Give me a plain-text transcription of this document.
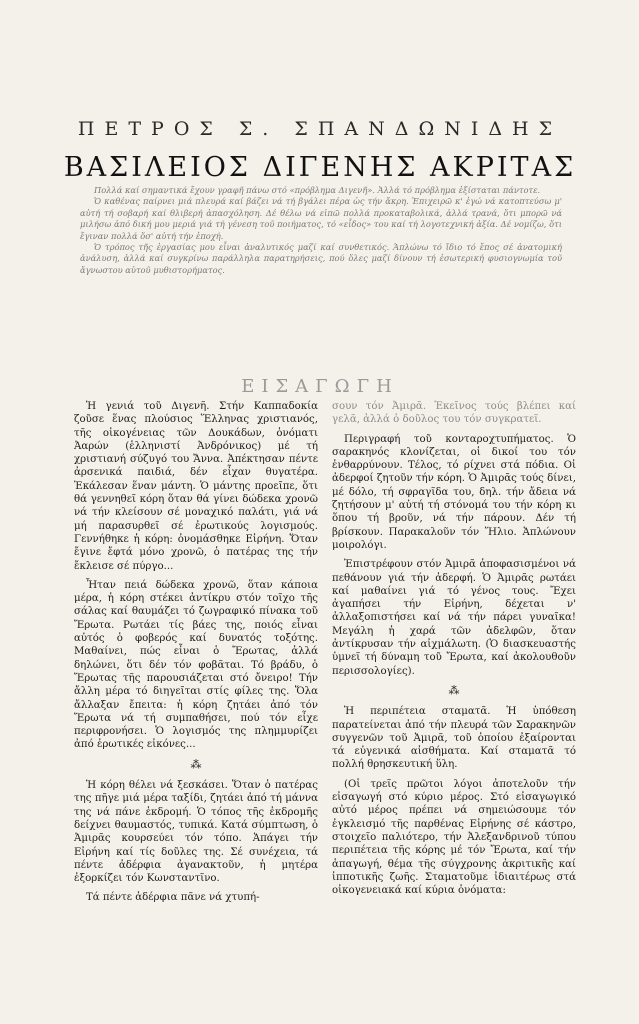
ΠΕΤΡΟΣ Σ. ΣΠΑΝΔΩΝΙΔΗΣ
ΒΑΣΙΛΕΙΟΣ ΔΙΓΕΝΗΣ ΑΚΡΙΤΑΣ

Πολλά καί σημαντικά ἔχουν γραφῆ πάνω στό «πρόβλημα Διγενῆ». Ἀλλά τό πρόβλημα ἐξίσταται πάντοτε.

Ὁ καθένας παίρνει μιά πλευρά καί βάζει νά τή βγάλει πέρα ὡς τήν ἄκρη. Ἐπιχειρῶ κ' ἐγώ νά κατοπτεύσω μ' αὐτή τή σοβαρή καί θλιβερή ἀπασχόληση. Δέ θέλω νά εἰπῶ πολλά προκαταβολικά, ἀλλά τρανά, ὅτι μπορῶ νά μιλήσω ἀπό δική μου μεριά γιά τή γένεση τοῦ ποιήματος, τό «εἶδος» του καί τή λογοτεχνική ἀξία. Δέ νομίζω, ὅτι ἔγιναν πολλά ὅσ' αὐτή τήν ἐποχή.

Ὁ τρόπος τῆς ἐργασίας μου εἶναι ἀναλυτικός μαζί καί συνθετικός. Ἁπλώνω τό ἴδιο τό ἔπος σέ ἀνατομική ἀνάλυση, ἀλλά καί συγκρίνω παράλληλα παρατηρήσεις, πού ὅλες μαζί δίνουν τή ἐσωτερική φυσιογνωμία τοῦ ἄγνωστου αὐτοῦ μυθιστορήματος.

ΕΙΣΑΓΩΓΗ

Ἡ γενιά τοῦ Διγενῆ. Στήν Καππαδοκία ζοῦσε ἕνας πλούσιος Ἕλληνας χριστιανός, τῆς οἰκογένειας τῶν Δουκάδων, ὀνόματι Ἀαρών (ἑλληνιστί Ἀνδρόνικος) μέ τή χριστιανή σύζυγό του Ἄννα. Ἀπέκτησαν πέντε ἀρσενικά παιδιά, δέν εἶχαν θυγατέρα. Ἐκάλεσαν ἕναν μάντη. Ὁ μάντης προεῖπε, ὅτι θά γεννηθεῖ κόρη ὅταν θά γίνει δώδεκα χρονῶ νά τήν κλείσουν σέ μοναχικό παλάτι, γιά νά μή παρασυρθεῖ σέ ἐρωτικούς λογισμούς. Γεννήθηκε ἡ κόρη: ὀνομάσθηκε Εἰρήνη. Ὅταν ἔγινε ἔφτά μόνο χρονῶ, ὁ πατέρας της τήν ἔκλεισε σέ πύργο...

Ἦταν πειά δώδεκα χρονῶ, ὅταν κάποια μέρα, ἡ κόρη στέκει ἀντίκρυ στόν τοῖχο τῆς σάλας καί θαυμάζει τό ζωγραφικό πίνακα τοῦ Ἔρωτα. Ρωτάει τίς βάες της, ποιός εἶναι αὐτός ὁ φοβερός καί δυνατός τοξότης. Μαθαίνει, πώς εἶναι ὁ Ἔρωτας, ἀλλά δηλώνει, ὅτι δέν τόν φοβᾶται. Τό βράδυ, ὁ Ἔρωτας τῆς παρουσιάζεται στό ὄνειρο! Τήν ἄλλη μέρα τό διηγεῖται στίς φίλες της. Ὅλα ἄλλαξαν ἔπειτα: ἡ κόρη ζητάει ἀπό τόν Ἔρωτα νά τή συμπαθήσει, πού τόν εἶχε περιφρονήσει. Ὁ λογισμός της πλημμυρίζει ἀπό ἐρωτικές εἰκόνες...

⁂

Ἡ κόρη θέλει νά ξεσκάσει. Ὅταν ὁ πατέρας της πῆγε μιά μέρα ταξίδι, ζητάει ἀπό τή μάννα της νά πάνε ἐκδρομή. Ὁ τόπος τῆς ἐκδρομῆς δείχνει θαυμαστός, τυπικά. Κατά σύμπτωση, ὁ Ἀμιρᾶς κουρσεύει τόν τόπο. Ἁπάγει τήν Εἰρήνη καί τίς δοῦλες της. Σέ συνέχεια, τά πέντε ἀδέρφια ἀγανακτοῦν, ἡ μητέρα ἐξορκίζει τόν Κωνσταντῖνο.

Τά πέντε ἀδέρφια πᾶνε νά χτυπή-

σουν τόν Ἀμιρᾶ. Ἐκεῖνος τούς βλέπει καί γελᾶ, ἀλλά ὁ δοῦλος του τόν συγκρατεῖ.

Περιγραφή τοῦ κονταροχτυπήματος. Ὁ σαρακηνός κλονίζεται, οἱ δικοί του τόν ἐνθαρρύνουν. Τέλος, τό ρίχνει στά πόδια. Οἱ ἀδερφοί ζητοῦν τήν κόρη. Ὁ Ἀμιρᾶς τούς δίνει, μέ δόλο, τή σφραγῖδα του, δηλ. τήν ἄδεια νά ζητήσουν μ' αὐτή τή στόνομά του τήν κόρη κι ὅπου τή βροῦν, νά τήν πάρουν. Δέν τή βρίσκουν. Παρακαλοῦν τόν Ἥλιο. Ἁπλώνουν μοιρολόγι.

Ἐπιστρέφουν στόν Ἀμιρᾶ ἀποφασισμένοι νά πεθάνουν γιά τήν ἀδερφή. Ὁ Ἀμιρᾶς ρωτάει καί μαθαίνει γιά τό γένος τους. Ἔχει ἀγαπήσει τήν Εἰρήνη, δέχεται ν' ἀλλαξοπιστήσει καί νά τήν πάρει γυναῖκα! Μεγάλη ἡ χαρά τῶν ἀδελφῶν, ὅταν ἀντίκρυσαν τήν αἰχμάλωτη. (Ὁ διασκευαστής ὑμνεῖ τή δύναμη τοῦ Ἔρωτα, καί ἀκολουθοῦν περισσολογίες).

⁂

Ἡ περιπέτεια σταματᾶ. Ἡ ὑπόθεση παρατείνεται ἀπό τήν πλευρά τῶν Σαρακηνῶν συγγενῶν τοῦ Ἀμιρᾶ, τοῦ ὁποίου ἐξαίρονται τά εὐγενικά αἰσθήματα. Καί σταματᾶ τό πολλή θρησκευτική ὕλη.

(Οἱ τρεῖς πρῶτοι λόγοι ἀποτελοῦν τήν εἰσαγωγή στό κύριο μέρος. Στό εἰσαγωγικό αὐτό μέρος πρέπει νά σημειώσουμε τόν ἐγκλεισμό τῆς παρθένας Εἰρήνης σέ κάστρο, στοιχεῖο παλιότερο, τήν Ἀλεξανδρινοῦ τύπου περιπέτεια τῆς κόρης μέ τόν Ἔρωτα, καί τήν ἁπαγωγή, θέμα τῆς σύγχρονης ἀκριτικῆς καί ἱπποτικῆς ζωῆς. Σταματοῦμε ἰδιαιτέρως στά οἰκογενειακά καί κύρια ὀνόματα:
